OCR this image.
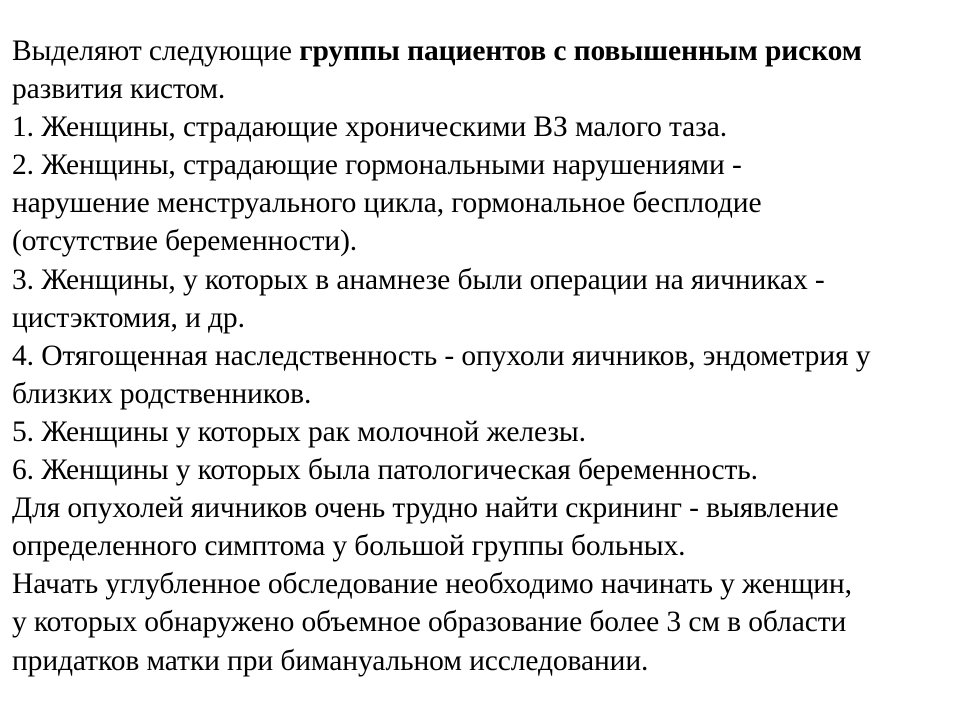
Выделяют следующие группы пациентов с повышенным риском
развития кистом.
1. Женщины, страдающие хроническими ВЗ малого таза.
2. Женщины, страдающие гормональными нарушениями -
нарушение менструального цикла, гормональное бесплодие
(отсутствие беременности).
3. Женщины, у которых в анамнезе были операции на яичниках -
цистэктомия, и др.
4. Отягощенная наследственность - опухоли яичников, эндометрия у
близких родственников.
5. Женщины у которых рак молочной железы.
6. Женщины у которых была патологическая беременность.
Для опухолей яичников очень трудно найти скрининг - выявление
определенного симптома у большой группы больных.
Начать углубленное обследование необходимо начинать у женщин,
у которых обнаружено объемное образование более 3 см в области
придатков матки при бимануальном исследовании.
